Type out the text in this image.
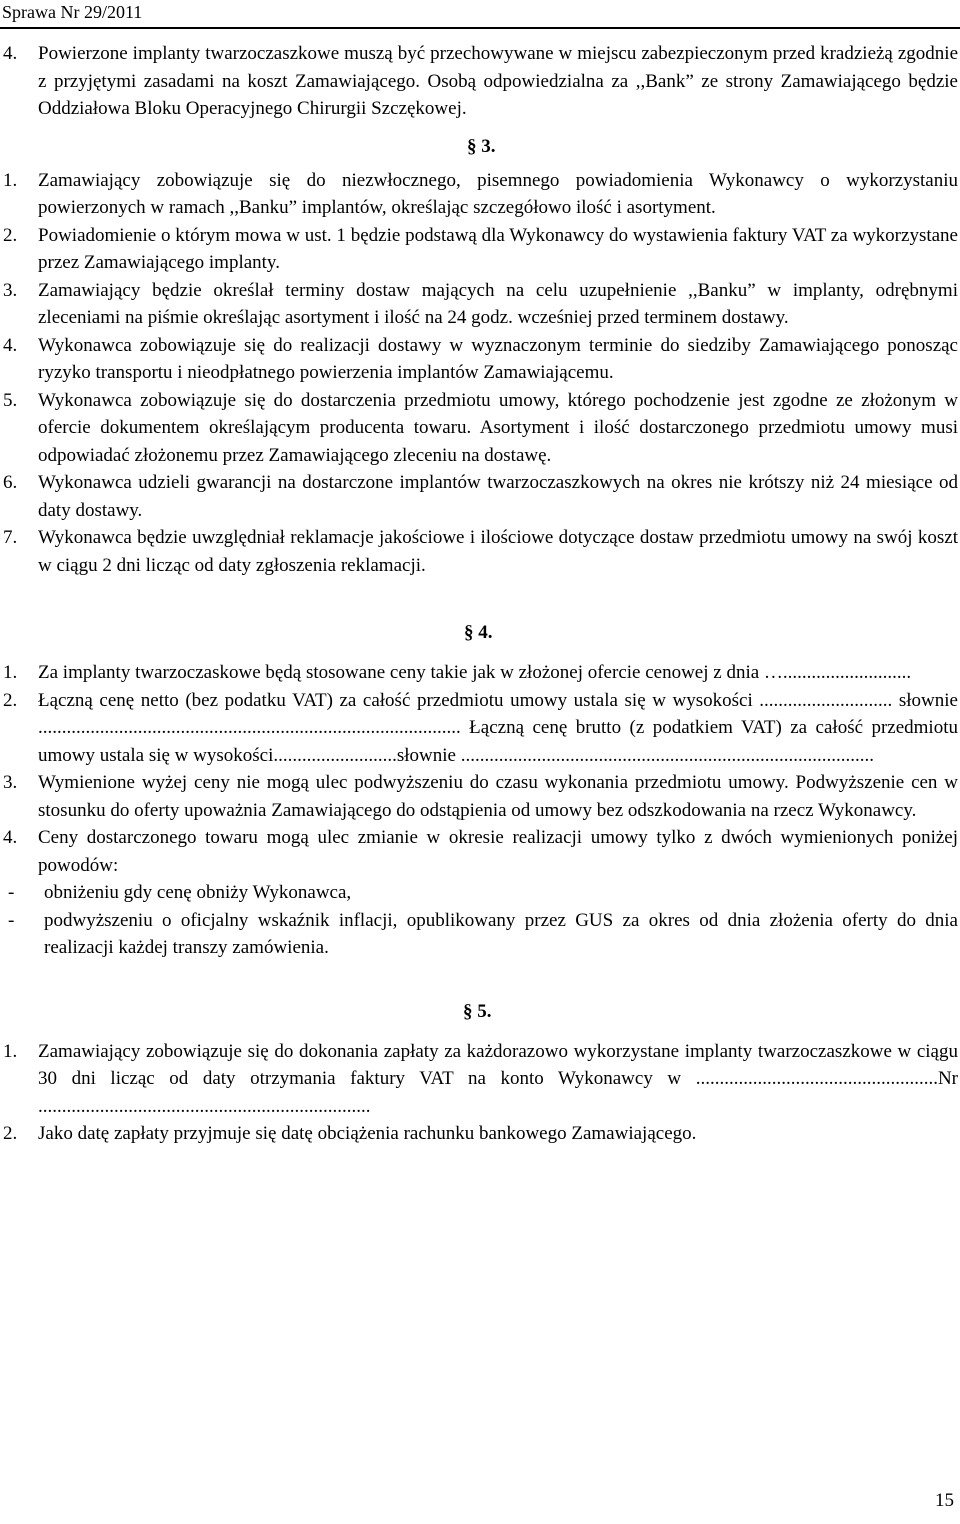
Sprawa Nr 29/2011
4. Powierzone implanty twarzoczaszkowe muszą być przechowywane w miejscu zabezpieczonym przed kradzieżą zgodnie z przyjętymi zasadami na koszt Zamawiającego. Osobą odpowiedzialna za ,,Bank” ze strony Zamawiającego będzie Oddziałowa Bloku Operacyjnego Chirurgii Szczękowej.
§ 3.
1. Zamawiający zobowiązuje się do niezwłocznego, pisemnego powiadomienia Wykonawcy o wykorzystaniu powierzonych w ramach ,,Banku” implantów, określając szczegółowo ilość i asortyment.
2. Powiadomienie o którym mowa w ust. 1 będzie podstawą dla Wykonawcy do wystawienia faktury VAT za wykorzystane przez Zamawiającego implanty.
3. Zamawiający będzie określał terminy dostaw mających na celu uzupełnienie ,,Banku” w implanty, odrębnymi zleceniami na piśmie określając asortyment i ilość na 24 godz. wcześniej przed terminem dostawy.
4. Wykonawca zobowiązuje się do realizacji dostawy w wyznaczonym terminie do siedziby Zamawiającego ponosząc ryzyko transportu i nieodpłatnego powierzenia implantów Zamawiającemu.
5. Wykonawca zobowiązuje się do dostarczenia przedmiotu umowy, którego pochodzenie jest zgodne ze złożonym w ofercie dokumentem określającym producenta towaru. Asortyment i ilość dostarczonego przedmiotu umowy musi odpowiadać złożonemu przez Zamawiającego zleceniu na dostawę.
6. Wykonawca udzieli gwarancji na dostarczone implantów twarzoczaszkowych na okres nie krótszy niż 24 miesiące od daty dostawy.
7. Wykonawca będzie uwzględniał reklamacje jakościowe i ilościowe dotyczące dostaw przedmiotu umowy na swój koszt w ciągu 2 dni licząc od daty zgłoszenia reklamacji.
§ 4.
1. Za implanty twarzoczaskowe będą stosowane ceny takie jak w złożonej ofercie cenowej z dnia …...........................
2. Łączną cenę netto (bez podatku VAT) za całość przedmiotu umowy ustala się w wysokości ............................ słownie ......................................................................................... Łączną cenę brutto (z podatkiem VAT) za całość przedmiotu umowy ustala się w wysokości..........................słownie .......................................................................................
3. Wymienione wyżej ceny nie mogą ulec podwyższeniu do czasu wykonania przedmiotu umowy. Podwyższenie cen w stosunku do oferty upoważnia Zamawiającego do odstąpienia od umowy bez odszkodowania na rzecz Wykonawcy.
4. Ceny dostarczonego towaru mogą ulec zmianie w okresie realizacji umowy tylko z dwóch wymienionych poniżej powodów:
- obniżeniu gdy cenę obniży Wykonawca,
- podwyższeniu o oficjalny wskaźnik inflacji, opublikowany przez GUS za okres od dnia złożenia oferty do dnia realizacji każdej transzy zamówienia.
§ 5.
1. Zamawiający zobowiązuje się do dokonania zapłaty za każdorazowo wykorzystane implanty twarzoczaszkowe w ciągu 30 dni licząc od daty otrzymania faktury VAT na konto Wykonawcy w ...................................................Nr ......................................................................
2. Jako datę zapłaty przyjmuje się datę obciążenia rachunku bankowego Zamawiającego.
15
